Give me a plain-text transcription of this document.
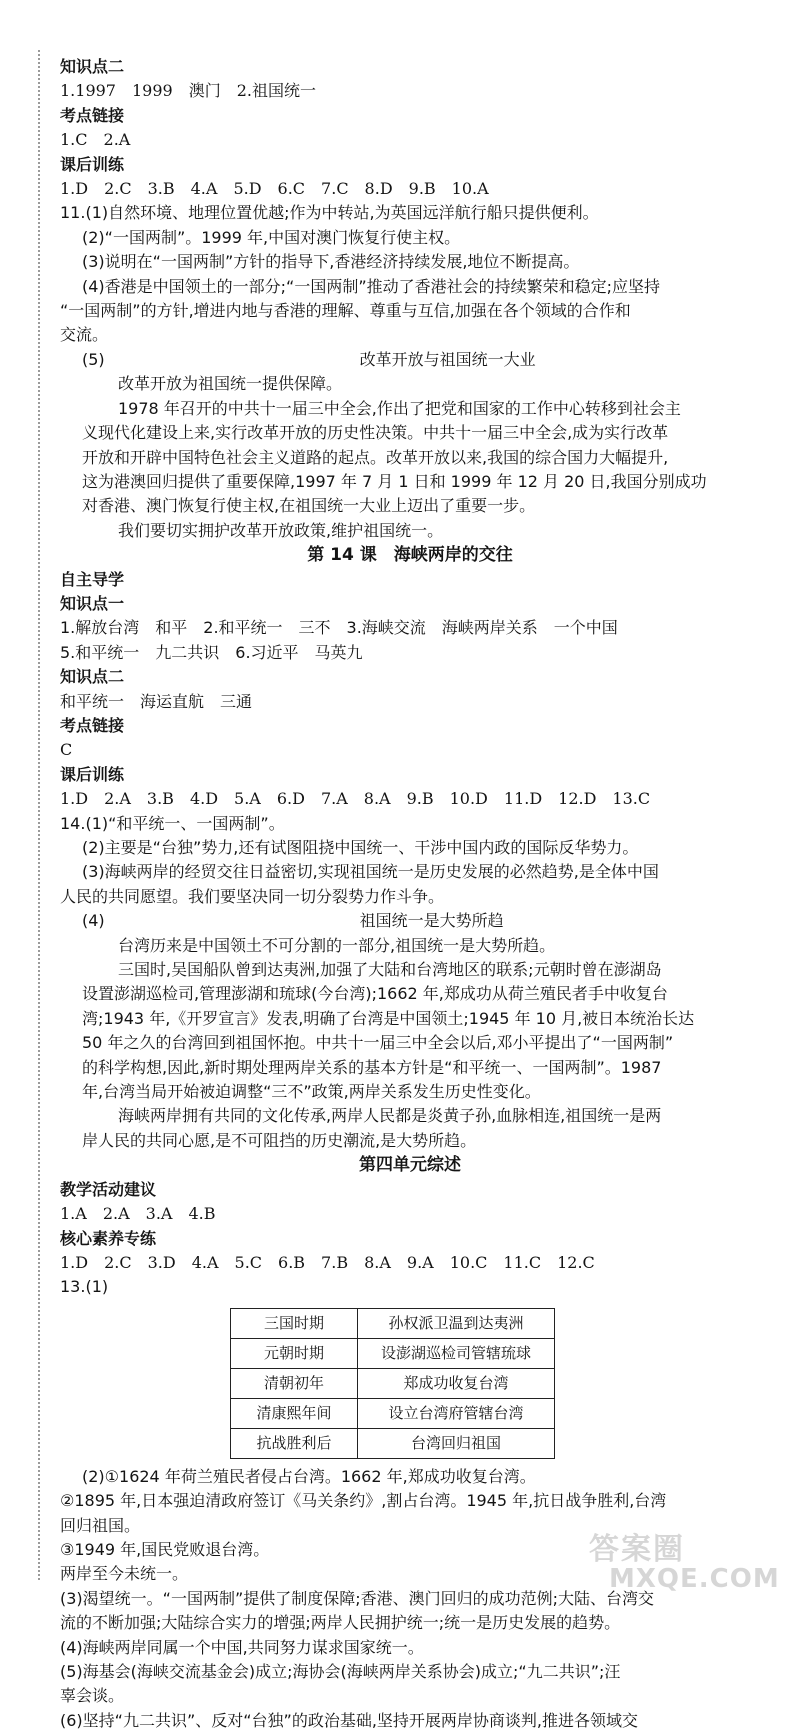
知识点二
1.1997　1999　澳门　2.祖国统一
考点链接
1.C　2.A
课后训练
1.D　2.C　3.B　4.A　5.D　6.C　7.C　8.D　9.B　10.A
11.(1)自然环境、地理位置优越;作为中转站,为英国远洋航行船只提供便利。
(2)“一国两制”。1999 年,中国对澳门恢复行使主权。
(3)说明在“一国两制”方针的指导下,香港经济持续发展,地位不断提高。
(4)香港是中国领土的一部分;“一国两制”推动了香港社会的持续繁荣和稳定;应坚持
“一国两制”的方针,增进内地与香港的理解、尊重与互信,加强在各个领域的合作和
交流。
(5)	改革开放与祖国统一大业
改革开放为祖国统一提供保障。
1978 年召开的中共十一届三中全会,作出了把党和国家的工作中心转移到社会主
义现代化建设上来,实行改革开放的历史性决策。中共十一届三中全会,成为实行改革
开放和开辟中国特色社会主义道路的起点。改革开放以来,我国的综合国力大幅提升,
这为港澳回归提供了重要保障,1997 年 7 月 1 日和 1999 年 12 月 20 日,我国分别成功
对香港、澳门恢复行使主权,在祖国统一大业上迈出了重要一步。
我们要切实拥护改革开放政策,维护祖国统一。
第 14 课　海峡两岸的交往
自主导学
知识点一
1.解放台湾　和平　2.和平统一　三不　3.海峡交流　海峡两岸关系　一个中国
5.和平统一　九二共识　6.习近平　马英九
知识点二
和平统一　海运直航　三通
考点链接
C
课后训练
1.D　2.A　3.B　4.D　5.A　6.D　7.A　8.A　9.B　10.D　11.D　12.D　13.C
14.(1)“和平统一、一国两制”。
(2)主要是“台独”势力,还有试图阻挠中国统一、干涉中国内政的国际反华势力。
(3)海峡两岸的经贸交往日益密切,实现祖国统一是历史发展的必然趋势,是全体中国
人民的共同愿望。我们要坚决同一切分裂势力作斗争。
(4)	祖国统一是大势所趋
台湾历来是中国领土不可分割的一部分,祖国统一是大势所趋。
三国时,吴国船队曾到达夷洲,加强了大陆和台湾地区的联系;元朝时曾在澎湖岛
设置澎湖巡检司,管理澎湖和琉球(今台湾);1662 年,郑成功从荷兰殖民者手中收复台
湾;1943 年,《开罗宣言》发表,明确了台湾是中国领土;1945 年 10 月,被日本统治长达
50 年之久的台湾回到祖国怀抱。中共十一届三中全会以后,邓小平提出了“一国两制”
的科学构想,因此,新时期处理两岸关系的基本方针是“和平统一、一国两制”。1987
年,台湾当局开始被迫调整“三不”政策,两岸关系发生历史性变化。
海峡两岸拥有共同的文化传承,两岸人民都是炎黄子孙,血脉相连,祖国统一是两
岸人民的共同心愿,是不可阻挡的历史潮流,是大势所趋。
第四单元综述
教学活动建议
1.A　2.A　3.A　4.B
核心素养专练
1.D　2.C　3.D　4.A　5.C　6.B　7.B　8.A　9.A　10.C　11.C　12.C
13.(1)
三国时期	孙权派卫温到达夷洲
元朝时期	设澎湖巡检司管辖琉球
清朝初年	郑成功收复台湾
清康熙年间	设立台湾府管辖台湾
抗战胜利后	台湾回归祖国
(2)①1624 年荷兰殖民者侵占台湾。1662 年,郑成功收复台湾。
②1895 年,日本强迫清政府签订《马关条约》,割占台湾。1945 年,抗日战争胜利,台湾
回归祖国。
③1949 年,国民党败退台湾。
两岸至今未统一。
(3)渴望统一。“一国两制”提供了制度保障;香港、澳门回归的成功范例;大陆、台湾交
流的不断加强;大陆综合实力的增强;两岸人民拥护统一;统一是历史发展的趋势。
(4)海峡两岸同属一个中国,共同努力谋求国家统一。
(5)海基会(海峡交流基金会)成立;海协会(海峡两岸关系协会)成立;“九二共识”;汪
辜会谈。
(6)坚持“九二共识”、反对“台独”的政治基础,坚持开展两岸协商谈判,推进各领域交
答案圈
MXQE.COM
